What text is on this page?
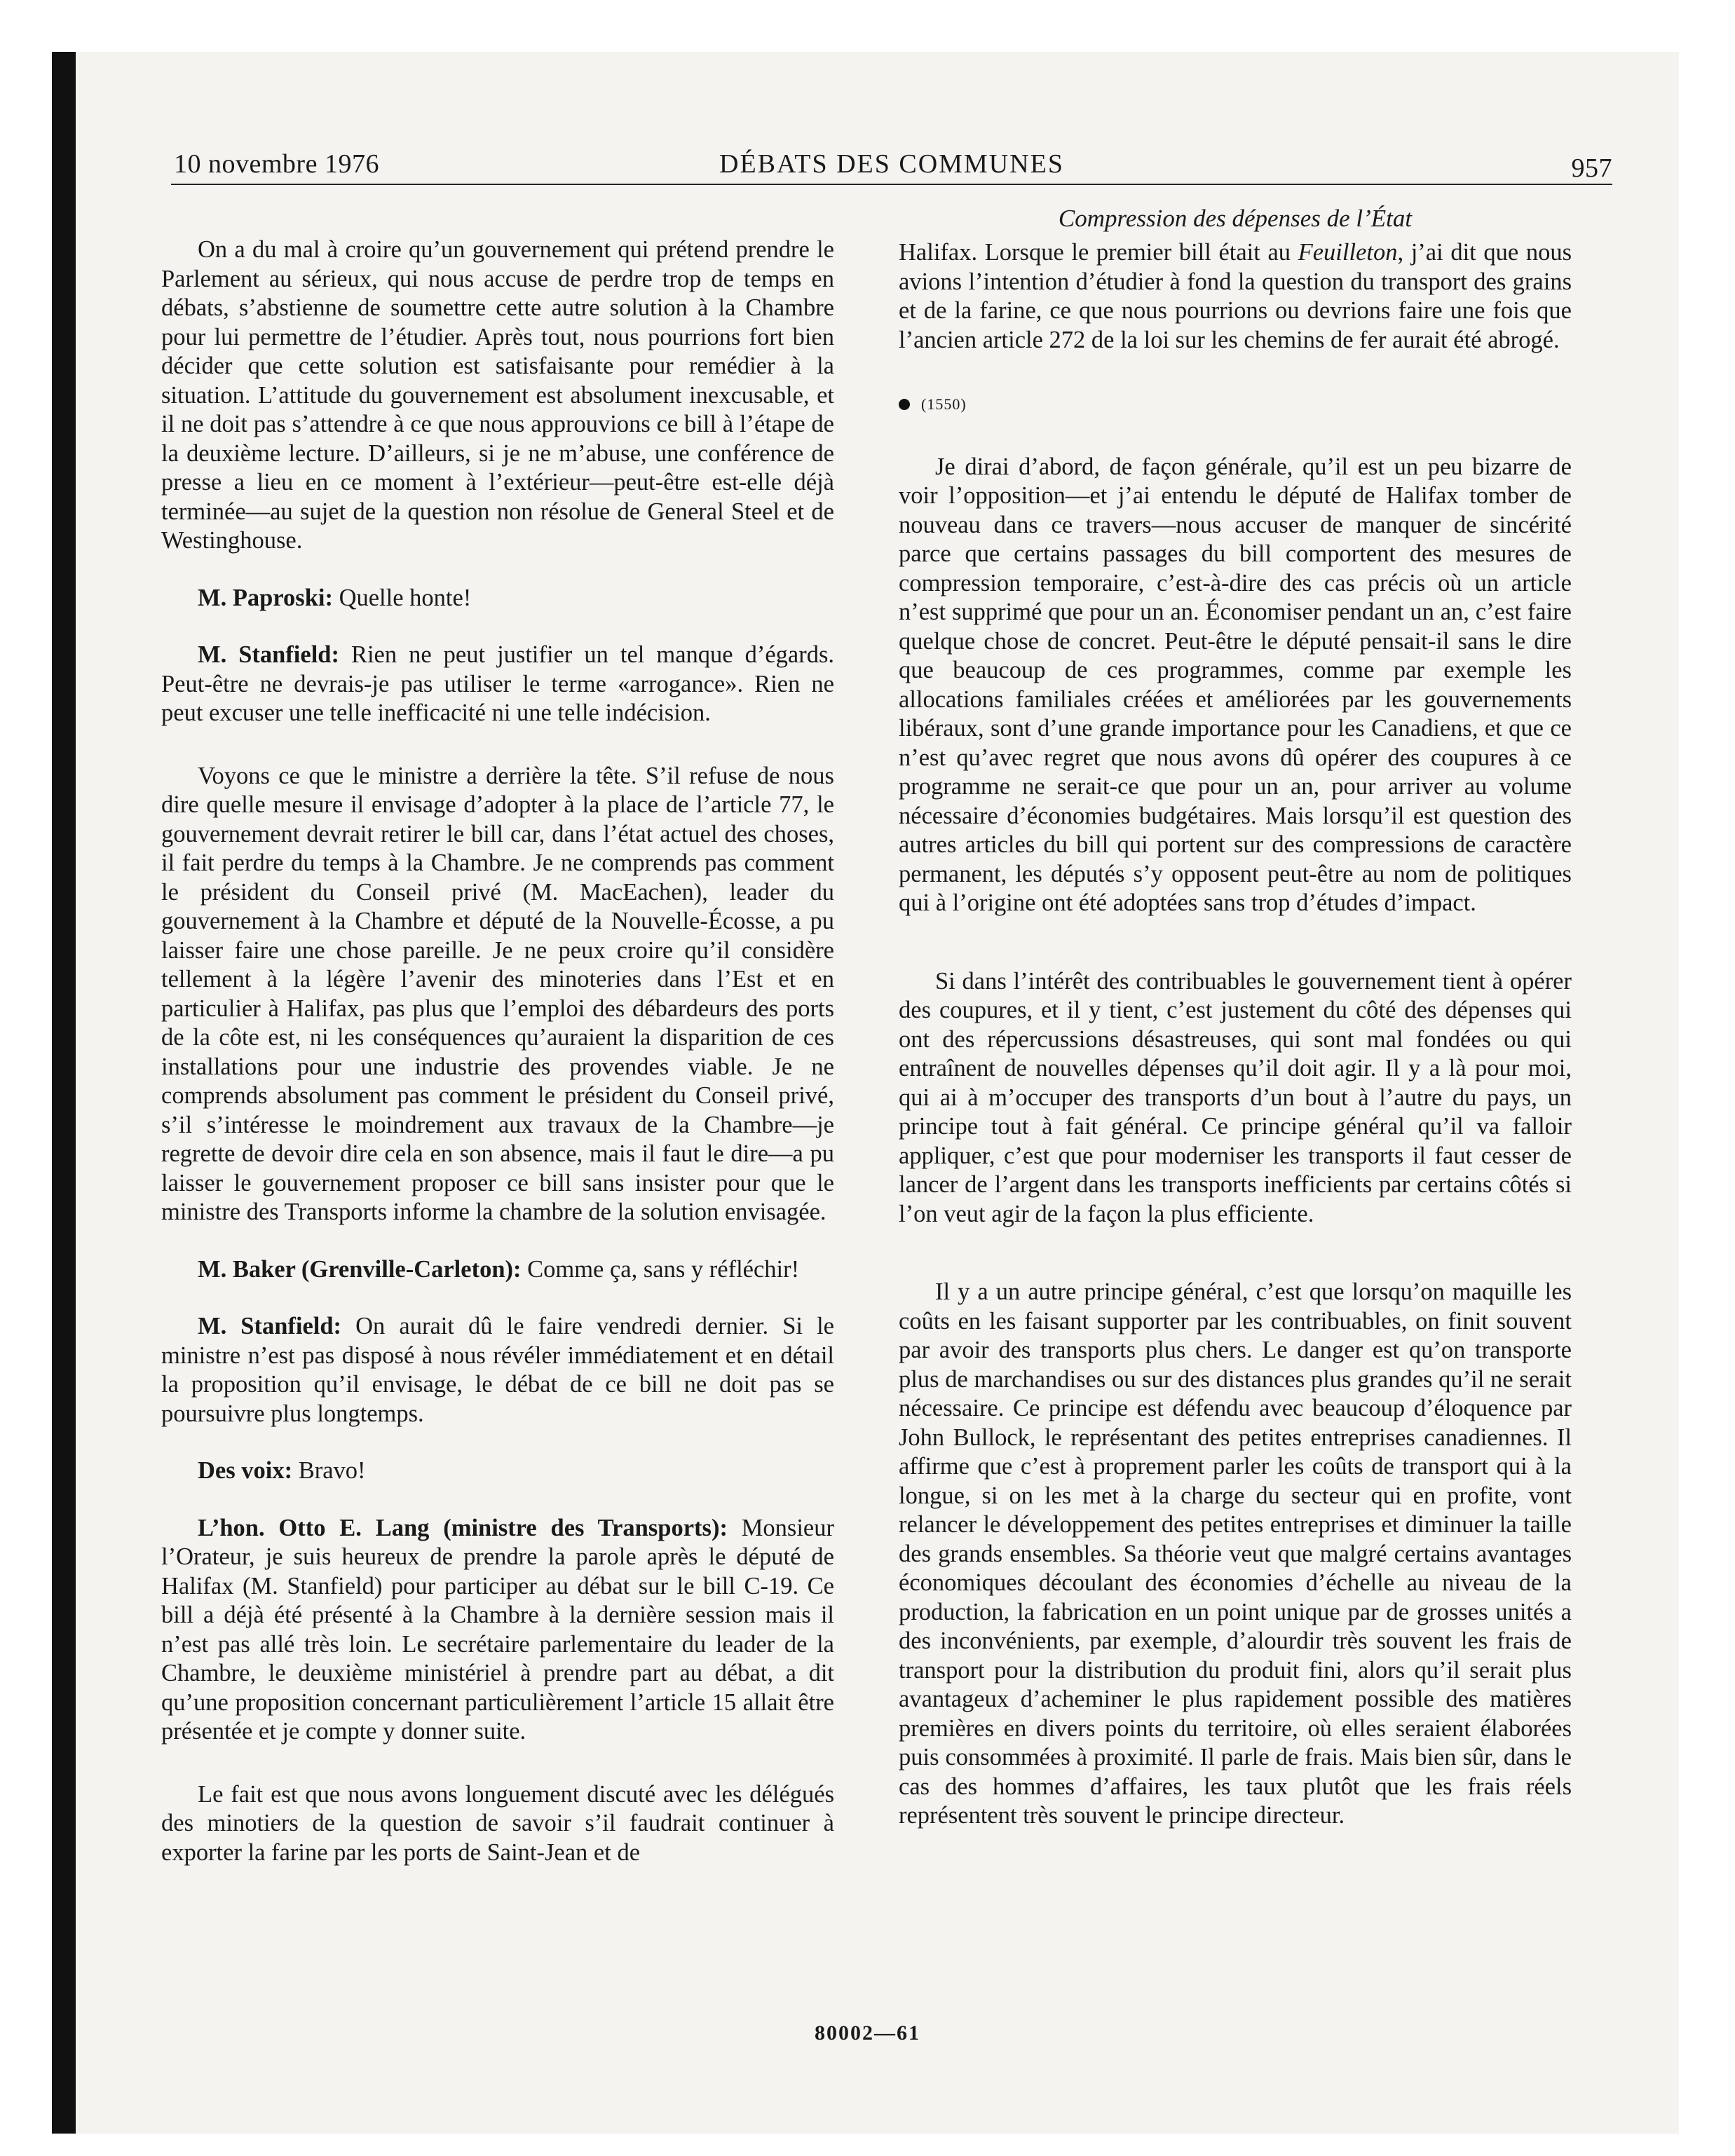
10 novembre 1976	DÉBATS DES COMMUNES	957

On a du mal à croire qu’un gouvernement qui prétend prendre le Parlement au sérieux, qui nous accuse de perdre trop de temps en débats, s’abstienne de soumettre cette autre solution à la Chambre pour lui permettre de l’étudier. Après tout, nous pourrions fort bien décider que cette solution est satisfaisante pour remédier à la situation. L’attitude du gouvernement est absolument inexcusable, et il ne doit pas s’attendre à ce que nous approuvions ce bill à l’étape de la deuxième lecture. D’ailleurs, si je ne m’abuse, une conférence de presse a lieu en ce moment à l’extérieur—peut-être est-elle déjà terminée—au sujet de la question non résolue de General Steel et de Westinghouse.

M. Paproski: Quelle honte!

M. Stanfield: Rien ne peut justifier un tel manque d’égards. Peut-être ne devrais-je pas utiliser le terme «arrogance». Rien ne peut excuser une telle inefficacité ni une telle indécision.

Voyons ce que le ministre a derrière la tête. S’il refuse de nous dire quelle mesure il envisage d’adopter à la place de l’article 77, le gouvernement devrait retirer le bill car, dans l’état actuel des choses, il fait perdre du temps à la Chambre. Je ne comprends pas comment le président du Conseil privé (M. MacEachen), leader du gouvernement à la Chambre et député de la Nouvelle-Écosse, a pu laisser faire une chose pareille. Je ne peux croire qu’il considère tellement à la légère l’avenir des minoteries dans l’Est et en particulier à Halifax, pas plus que l’emploi des débardeurs des ports de la côte est, ni les conséquences qu’auraient la disparition de ces installations pour une industrie des provendes viable. Je ne comprends absolument pas comment le président du Conseil privé, s’il s’intéresse le moindrement aux travaux de la Chambre—je regrette de devoir dire cela en son absence, mais il faut le dire—a pu laisser le gouvernement proposer ce bill sans insister pour que le ministre des Transports informe la chambre de la solution envisagée.

M. Baker (Grenville-Carleton): Comme ça, sans y réfléchir!

M. Stanfield: On aurait dû le faire vendredi dernier. Si le ministre n’est pas disposé à nous révéler immédiatement et en détail la proposition qu’il envisage, le débat de ce bill ne doit pas se poursuivre plus longtemps.

Des voix: Bravo!

L’hon. Otto E. Lang (ministre des Transports): Monsieur l’Orateur, je suis heureux de prendre la parole après le député de Halifax (M. Stanfield) pour participer au débat sur le bill C-19. Ce bill a déjà été présenté à la Chambre à la dernière session mais il n’est pas allé très loin. Le secrétaire parlementaire du leader de la Chambre, le deuxième ministériel à prendre part au débat, a dit qu’une proposition concernant particulièrement l’article 15 allait être présentée et je compte y donner suite.

Le fait est que nous avons longuement discuté avec les délégués des minotiers de la question de savoir s’il faudrait continuer à exporter la farine par les ports de Saint-Jean et de

Compression des dépenses de l’État

Halifax. Lorsque le premier bill était au Feuilleton, j’ai dit que nous avions l’intention d’étudier à fond la question du transport des grains et de la farine, ce que nous pourrions ou devrions faire une fois que l’ancien article 272 de la loi sur les chemins de fer aurait été abrogé.

(1550)

Je dirai d’abord, de façon générale, qu’il est un peu bizarre de voir l’opposition—et j’ai entendu le député de Halifax tomber de nouveau dans ce travers—nous accuser de manquer de sincérité parce que certains passages du bill comportent des mesures de compression temporaire, c’est-à-dire des cas précis où un article n’est supprimé que pour un an. Économiser pendant un an, c’est faire quelque chose de concret. Peut-être le député pensait-il sans le dire que beaucoup de ces programmes, comme par exemple les allocations familiales créées et améliorées par les gouvernements libéraux, sont d’une grande importance pour les Canadiens, et que ce n’est qu’avec regret que nous avons dû opérer des coupures à ce programme ne serait-ce que pour un an, pour arriver au volume nécessaire d’économies budgétaires. Mais lorsqu’il est question des autres articles du bill qui portent sur des compressions de caractère permanent, les députés s’y opposent peut-être au nom de politiques qui à l’origine ont été adoptées sans trop d’études d’impact.

Si dans l’intérêt des contribuables le gouvernement tient à opérer des coupures, et il y tient, c’est justement du côté des dépenses qui ont des répercussions désastreuses, qui sont mal fondées ou qui entraînent de nouvelles dépenses qu’il doit agir. Il y a là pour moi, qui ai à m’occuper des transports d’un bout à l’autre du pays, un principe tout à fait général. Ce principe général qu’il va falloir appliquer, c’est que pour moderniser les transports il faut cesser de lancer de l’argent dans les transports inefficients par certains côtés si l’on veut agir de la façon la plus efficiente.

Il y a un autre principe général, c’est que lorsqu’on maquille les coûts en les faisant supporter par les contribuables, on finit souvent par avoir des transports plus chers. Le danger est qu’on transporte plus de marchandises ou sur des distances plus grandes qu’il ne serait nécessaire. Ce principe est défendu avec beaucoup d’éloquence par John Bullock, le représentant des petites entreprises canadiennes. Il affirme que c’est à proprement parler les coûts de transport qui à la longue, si on les met à la charge du secteur qui en profite, vont relancer le développement des petites entreprises et diminuer la taille des grands ensembles. Sa théorie veut que malgré certains avantages économiques découlant des économies d’échelle au niveau de la production, la fabrication en un point unique par de grosses unités a des inconvénients, par exemple, d’alourdir très souvent les frais de transport pour la distribution du produit fini, alors qu’il serait plus avantageux d’acheminer le plus rapidement possible des matières premières en divers points du territoire, où elles seraient élaborées puis consommées à proximité. Il parle de frais. Mais bien sûr, dans le cas des hommes d’affaires, les taux plutôt que les frais réels représentent très souvent le principe directeur.

80002—61
